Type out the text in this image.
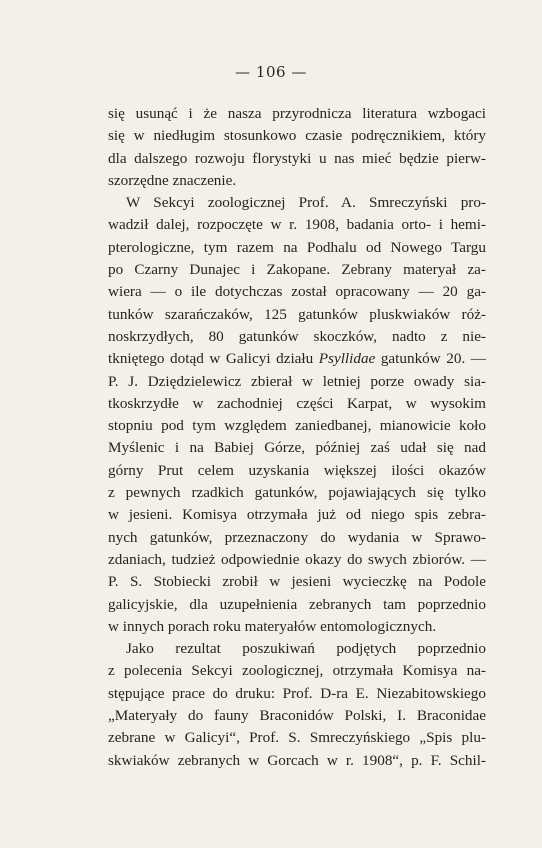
— 106 —
się usunąć i że nasza przyrodnicza literatura wzbogaci
się w niedługim stosunkowo czasie podręcznikiem, który
dla dalszego rozwoju florystyki u nas mieć będzie pierw-
szorzędne znaczenie.
W Sekcyi zoologicznej Prof. A. Smreczyński pro-
wadził dalej, rozpoczęte w r. 1908, badania orto- i hemi-
pterologiczne, tym razem na Podhalu od Nowego Targu
po Czarny Dunajec i Zakopane. Zebrany materyał za-
wiera — o ile dotychczas został opracowany — 20 ga-
tunków szarańczaków, 125 gatunków pluskwiaków róż-
noskrzydłych, 80 gatunków skoczków, nadto z nie-
tkniętego dotąd w Galicyi działu Psyllidae gatunków 20. —
P. J. Dziędzielewicz zbierał w letniej porze owady sia-
tkoskrzydłe w zachodniej części Karpat, w wysokim
stopniu pod tym względem zaniedbanej, mianowicie koło
Myślenic i na Babiej Górze, później zaś udał się nad
górny Prut celem uzyskania większej ilości okazów
z pewnych rzadkich gatunków, pojawiających się tylko
w jesieni. Komisya otrzymała już od niego spis zebra-
nych gatunków, przeznaczony do wydania w Sprawo-
zdaniach, tudzież odpowiednie okazy do swych zbiorów. —
P. S. Stobiecki zrobił w jesieni wycieczkę na Podole
galicyjskie, dla uzupełnienia zebranych tam poprzednio
w innych porach roku materyałów entomologicznych.
Jako rezultat poszukiwań podjętych poprzednio
z polecenia Sekcyi zoologicznej, otrzymała Komisya na-
stępujące prace do druku: Prof. D-ra E. Niezabitowskiego
„Materyały do fauny Braconidów Polski, I. Braconidae
zebrane w Galicyi“, Prof. S. Smreczyńskiego „Spis plu-
skwiaków zebranych w Gorcach w r. 1908“, p. F. Schil-
